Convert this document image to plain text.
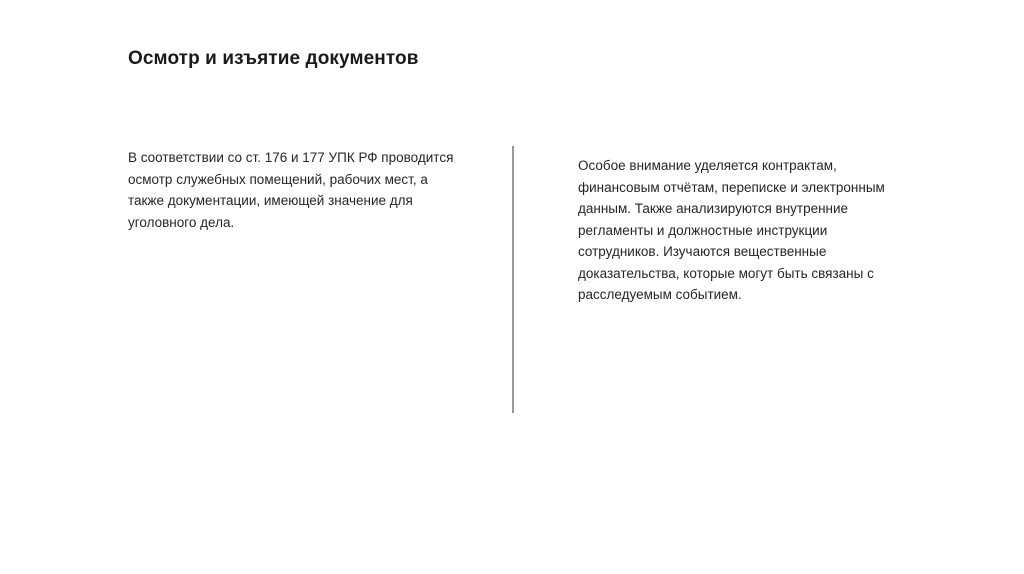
Осмотр и изъятие документов
В соответствии со ст. 176 и 177 УПК РФ проводится
осмотр служебных помещений, рабочих мест, а
также документации, имеющей значение для
уголовного дела.
Особое внимание уделяется контрактам,
финансовым отчётам, переписке и электронным
данным. Также анализируются внутренние
регламенты и должностные инструкции
сотрудников. Изучаются вещественные
доказательства, которые могут быть связаны с
расследуемым событием.
